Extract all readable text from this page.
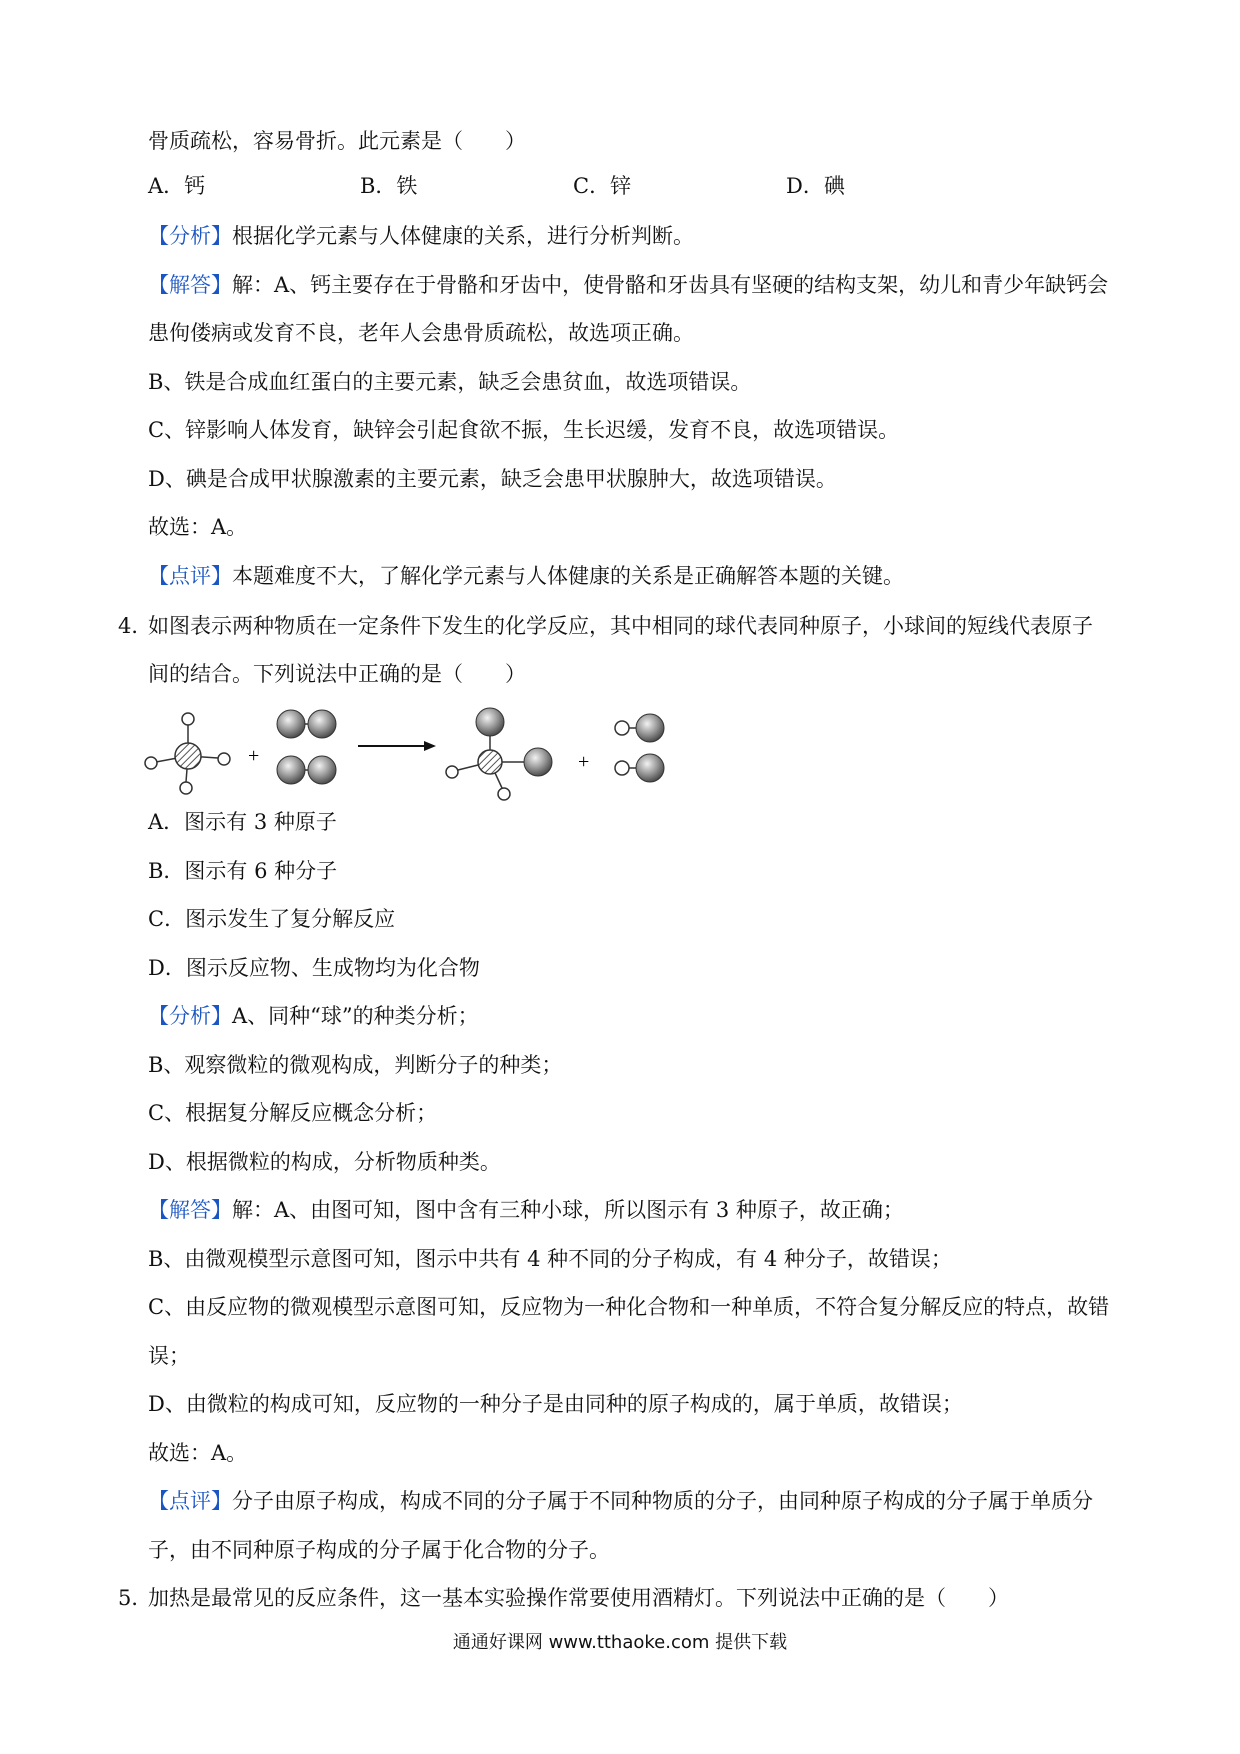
骨质疏松，容易骨折。此元素是（　　）
A．钙	B．铁	C．锌	D．碘
【分析】根据化学元素与人体健康的关系，进行分析判断。
【解答】解：A、钙主要存在于骨骼和牙齿中，使骨骼和牙齿具有坚硬的结构支架，幼儿和青少年缺钙会
患佝偻病或发育不良，老年人会患骨质疏松，故选项正确。
B、铁是合成血红蛋白的主要元素，缺乏会患贫血，故选项错误。
C、锌影响人体发育，缺锌会引起食欲不振，生长迟缓，发育不良，故选项错误。
D、碘是合成甲状腺激素的主要元素，缺乏会患甲状腺肿大，故选项错误。
故选：A。
【点评】本题难度不大，了解化学元素与人体健康的关系是正确解答本题的关键。
4．
如图表示两种物质在一定条件下发生的化学反应，其中相同的球代表同种原子，小球间的短线代表原子
间的结合。下列说法中正确的是（　　）
+	+
A．图示有 3 种原子
B．图示有 6 种分子
C．图示发生了复分解反应
D．图示反应物、生成物均为化合物
【分析】A、同种“球”的种类分析；
B、观察微粒的微观构成，判断分子的种类；
C、根据复分解反应概念分析；
D、根据微粒的构成，分析物质种类。
【解答】解：A、由图可知，图中含有三种小球，所以图示有 3 种原子，故正确；
B、由微观模型示意图可知，图示中共有 4 种不同的分子构成，有 4 种分子，故错误；
C、由反应物的微观模型示意图可知，反应物为一种化合物和一种单质，不符合复分解反应的特点，故错
误；
D、由微粒的构成可知，反应物的一种分子是由同种的原子构成的，属于单质，故错误；
故选：A。
【点评】分子由原子构成，构成不同的分子属于不同种物质的分子，由同种原子构成的分子属于单质分
子，由不同种原子构成的分子属于化合物的分子。
5．
加热是最常见的反应条件，这一基本实验操作常要使用酒精灯。下列说法中正确的是（　　）
通通好课网 www.tthaoke.com 提供下载
